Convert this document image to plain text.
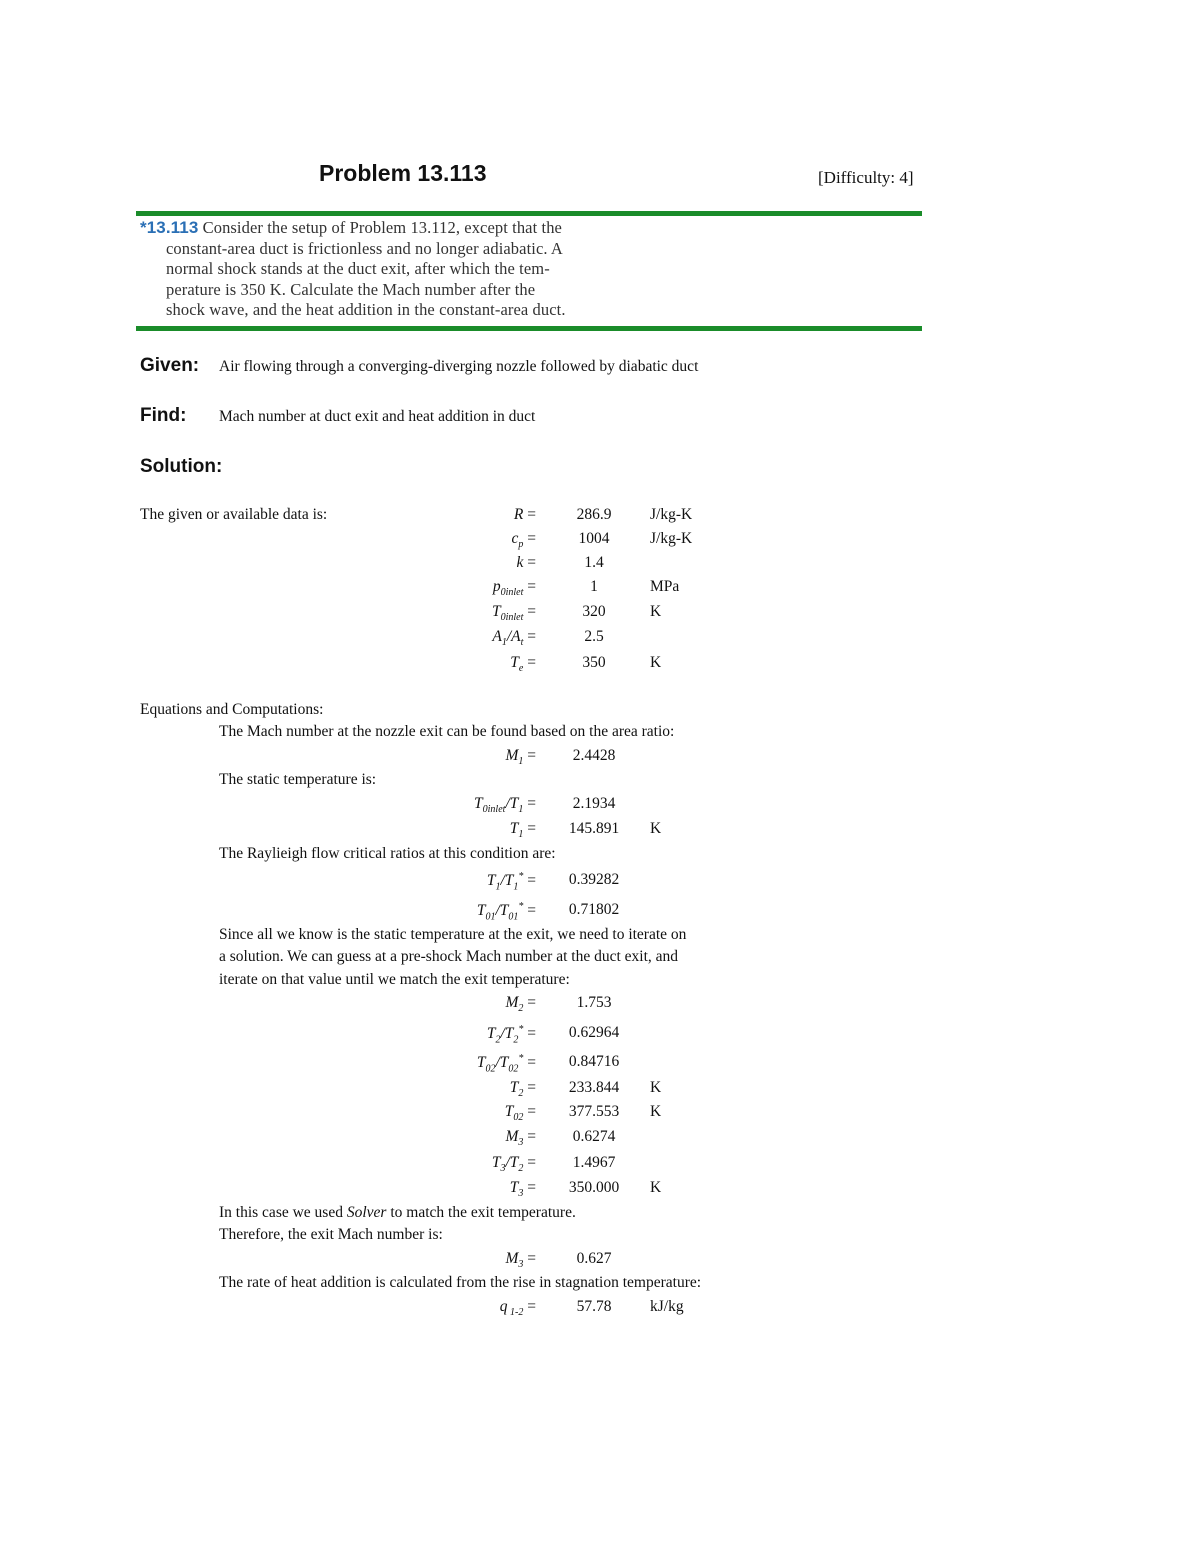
Problem 13.113	[Difficulty: 4]
*13.113 Consider the setup of Problem 13.112, except that the
constant-area duct is frictionless and no longer adiabatic. A
normal shock stands at the duct exit, after which the tem-
perature is 350 K. Calculate the Mach number after the
shock wave, and the heat addition in the constant-area duct.
Given: Air flowing through a converging-diverging nozzle followed by diabatic duct
Find: Mach number at duct exit and heat addition in duct
Solution:
The given or available data is:	R =	286.9	J/kg-K
$c_p$ =	1004	J/kg-K
k =	1.4
$p_{0inlet}$ =	1	MPa
$T_{0inlet}$ =	320	K
$A_1/A_t$ =	2.5
$T_e$ =	350	K
Equations and Computations:
The Mach number at the nozzle exit can be found based on the area ratio:
$M_1$ =	2.4428
The static temperature is:
$T_{0inlet}/T_1$ =	2.1934
$T_1$ =	145.891	K
The Raylieigh flow critical ratios at this condition are:
$T_1/T_1^*$ =	0.39282
$T_{01}/T_{01}^*$ =	0.71802
Since all we know is the static temperature at the exit, we need to iterate on
a solution. We can guess at a pre-shock Mach number at the duct exit, and
iterate on that value until we match the exit temperature:
$M_2$ =	1.753
$T_2/T_2^*$ =	0.62964
$T_{02}/T_{02}^*$ =	0.84716
$T_2$ =	233.844	K
$T_{02}$ =	377.553	K
$M_3$ =	0.6274
$T_3/T_2$ =	1.4967
$T_3$ =	350.000	K
In this case we used Solver to match the exit temperature.
Therefore, the exit Mach number is:
$M_3$ =	0.627
The rate of heat addition is calculated from the rise in stagnation temperature:
q $_{1-2}$ =	57.78	kJ/kg
